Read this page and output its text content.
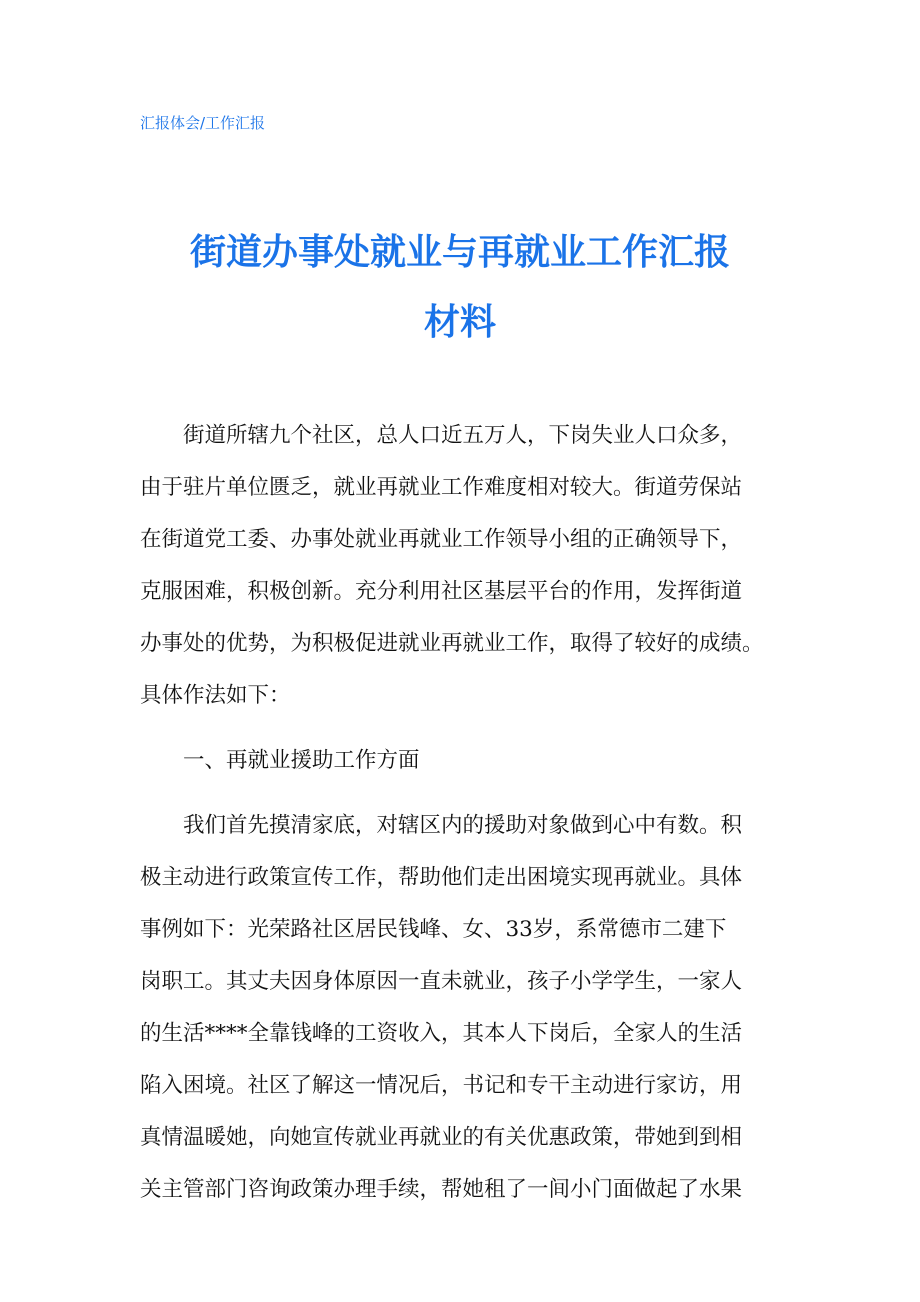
汇报体会/工作汇报
街道办事处就业与再就业工作汇报
材料
街道所辖九个社区，总人口近五万人，下岗失业人口众多，
由于驻片单位匮乏，就业再就业工作难度相对较大。街道劳保站
在街道党工委、办事处就业再就业工作领导小组的正确领导下，
克服困难，积极创新。充分利用社区基层平台的作用，发挥街道
办事处的优势，为积极促进就业再就业工作，取得了较好的成绩。
具体作法如下：
一、再就业援助工作方面
我们首先摸清家底，对辖区内的援助对象做到心中有数。积
极主动进行政策宣传工作，帮助他们走出困境实现再就业。具体
事例如下：光荣路社区居民钱峰、女、33岁，系常德市二建下
岗职工。其丈夫因身体原因一直未就业，孩子小学学生，一家人
的生活****全靠钱峰的工资收入，其本人下岗后，全家人的生活
陷入困境。社区了解这一情况后，书记和专干主动进行家访，用
真情温暖她，向她宣传就业再就业的有关优惠政策，带她到到相
关主管部门咨询政策办理手续，帮她租了一间小门面做起了水果
